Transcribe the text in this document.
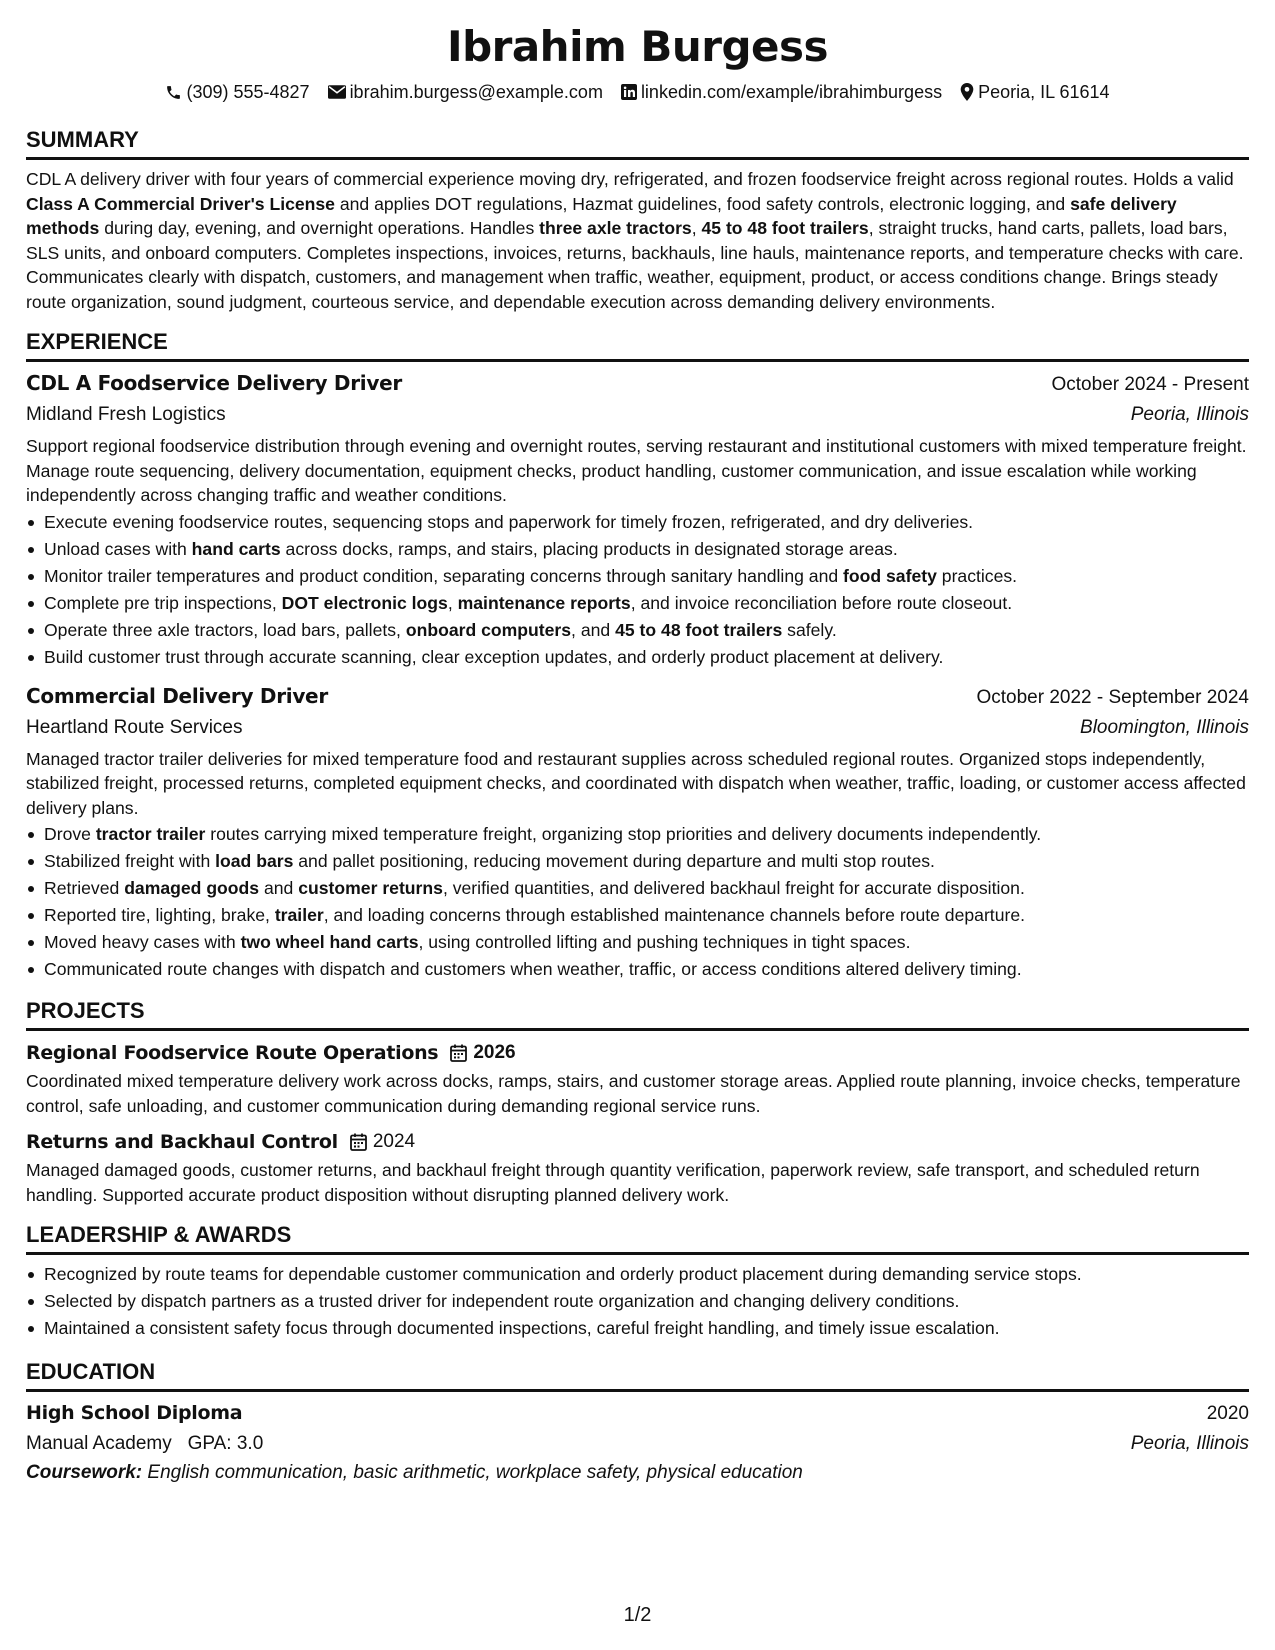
Ibrahim Burgess
(309) 555-4827 ibrahim.burgess@example.com linkedin.com/example/ibrahimburgess Peoria, IL 61614
SUMMARY

CDL A delivery driver with four years of commercial experience moving dry, refrigerated, and frozen foodservice freight across regional routes. Holds a valid Class A Commercial Driver's License and applies DOT regulations, Hazmat guidelines, food safety controls, electronic logging, and safe delivery methods during day, evening, and overnight operations. Handles three axle tractors, 45 to 48 foot trailers, straight trucks, hand carts, pallets, load bars, SLS units, and onboard computers. Completes inspections, invoices, returns, backhauls, line hauls, maintenance reports, and temperature checks with care. Communicates clearly with dispatch, customers, and management when traffic, weather, equipment, product, or access conditions change. Brings steady route organization, sound judgment, courteous service, and dependable execution across demanding delivery environments.

EXPERIENCE
CDL A Foodservice Delivery Driver	October 2024 - Present
Midland Fresh Logistics	Peoria, Illinois

Support regional foodservice distribution through evening and overnight routes, serving restaurant and institutional customers with mixed temperature freight. Manage route sequencing, delivery documentation, equipment checks, product handling, customer communication, and issue escalation while working independently across changing traffic and weather conditions.

Execute evening foodservice routes, sequencing stops and paperwork for timely frozen, refrigerated, and dry deliveries.
Unload cases with hand carts across docks, ramps, and stairs, placing products in designated storage areas.
Monitor trailer temperatures and product condition, separating concerns through sanitary handling and food safety practices.
Complete pre trip inspections, DOT electronic logs, maintenance reports, and invoice reconciliation before route closeout.
Operate three axle tractors, load bars, pallets, onboard computers, and 45 to 48 foot trailers safely.
Build customer trust through accurate scanning, clear exception updates, and orderly product placement at delivery.
Commercial Delivery Driver	October 2022 - September 2024
Heartland Route Services	Bloomington, Illinois

Managed tractor trailer deliveries for mixed temperature food and restaurant supplies across scheduled regional routes. Organized stops independently, stabilized freight, processed returns, completed equipment checks, and coordinated with dispatch when weather, traffic, loading, or customer access affected delivery plans.

Drove tractor trailer routes carrying mixed temperature freight, organizing stop priorities and delivery documents independently.
Stabilized freight with load bars and pallet positioning, reducing movement during departure and multi stop routes.
Retrieved damaged goods and customer returns, verified quantities, and delivered backhaul freight for accurate disposition.
Reported tire, lighting, brake, trailer, and loading concerns through established maintenance channels before route departure.
Moved heavy cases with two wheel hand carts, using controlled lifting and pushing techniques in tight spaces.
Communicated route changes with dispatch and customers when weather, traffic, or access conditions altered delivery timing.
PROJECTS
Regional Foodservice Route Operations 2026

Coordinated mixed temperature delivery work across docks, ramps, stairs, and customer storage areas. Applied route planning, invoice checks, temperature control, safe unloading, and customer communication during demanding regional service runs.

Returns and Backhaul Control 2024

Managed damaged goods, customer returns, and backhaul freight through quantity verification, paperwork review, safe transport, and scheduled return handling. Supported accurate product disposition without disrupting planned delivery work.

LEADERSHIP & AWARDS
Recognized by route teams for dependable customer communication and orderly product placement during demanding service stops.
Selected by dispatch partners as a trusted driver for independent route organization and changing delivery conditions.
Maintained a consistent safety focus through documented inspections, careful freight handling, and timely issue escalation.
EDUCATION
High School Diploma	2020
Manual Academy GPA: 3.0	Peoria, Illinois
Coursework: English communication, basic arithmetic, workplace safety, physical education
1/2
